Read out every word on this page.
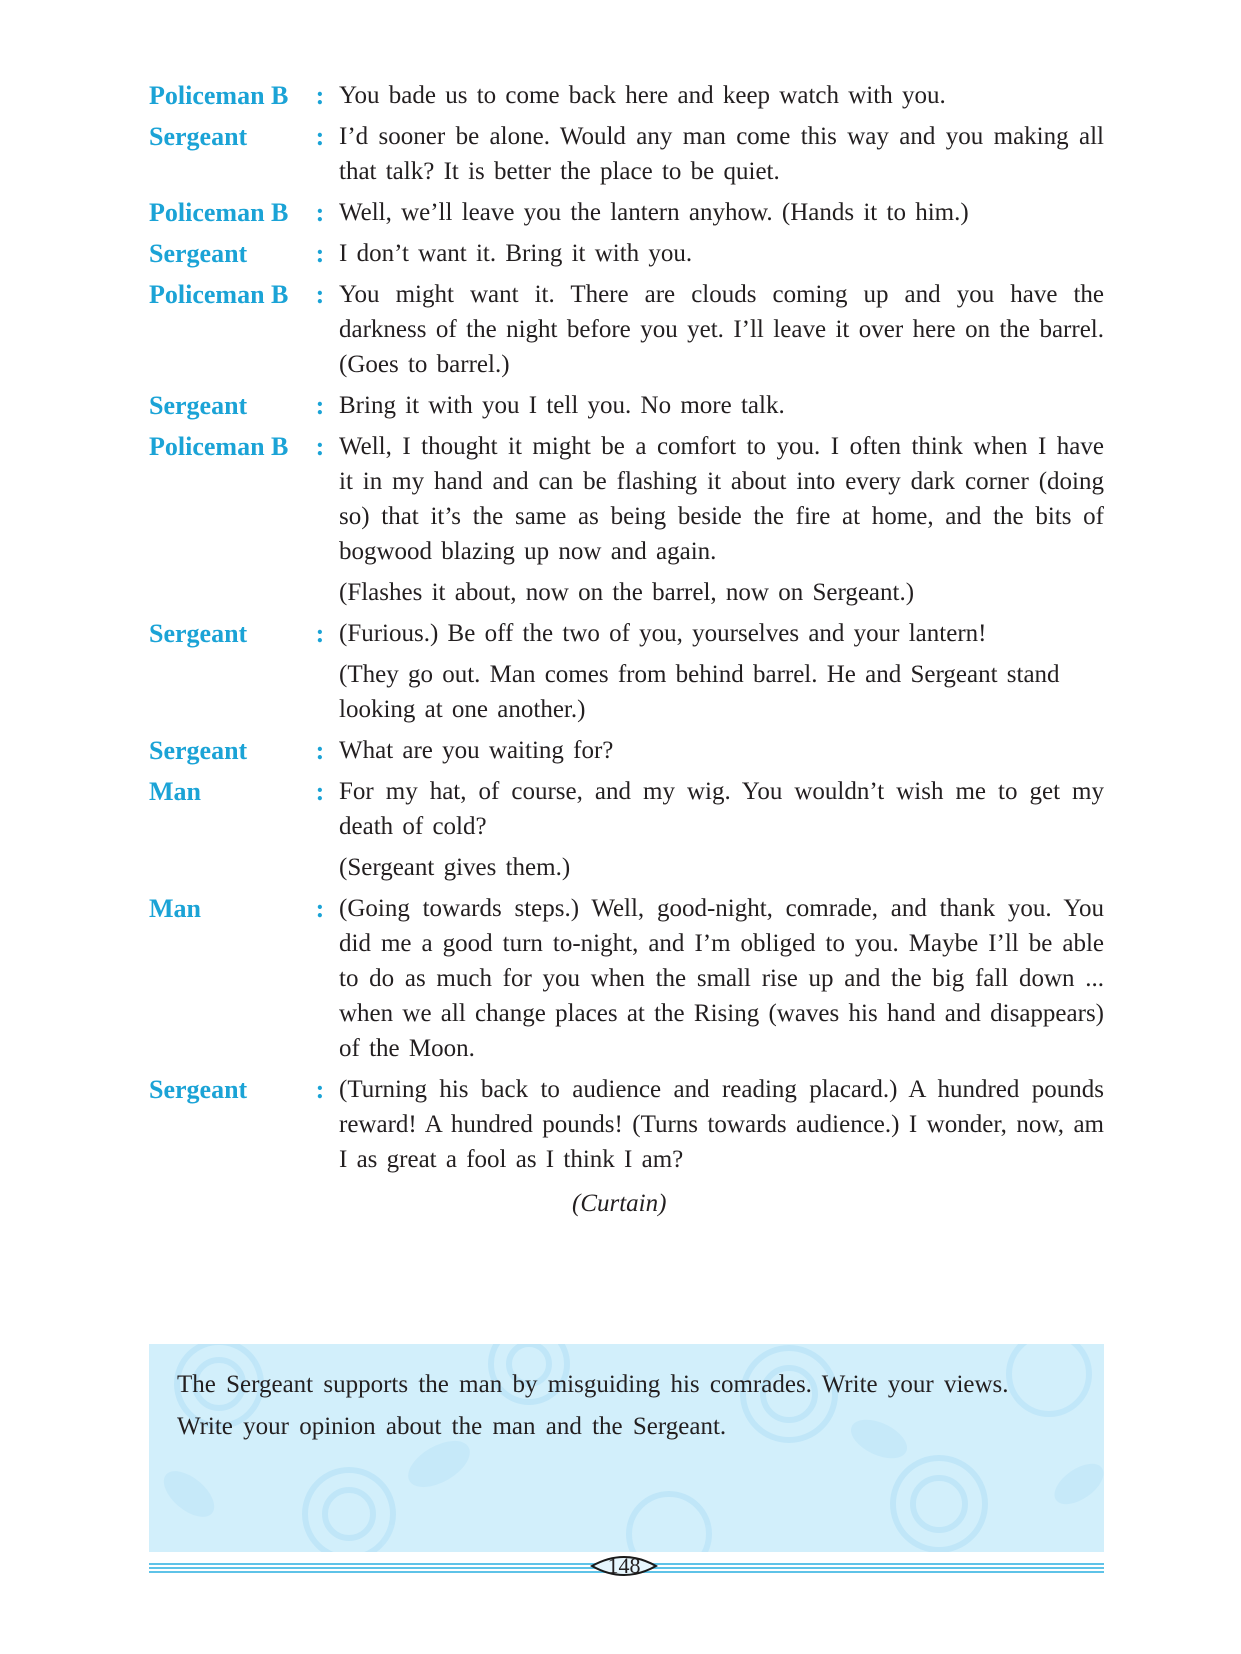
Policeman B	: You bade us to come back here and keep watch with you.
Sergeant	: I’d sooner be alone. Would any man come this way and you making all that talk? It is better the place to be quiet.
Policeman B	: Well, we’ll leave you the lantern anyhow. (Hands it to him.)
Sergeant	: I don’t want it. Bring it with you.
Policeman B	: You might want it. There are clouds coming up and you have the darkness of the night before you yet. I’ll leave it over here on the barrel. (Goes to barrel.)
Sergeant	: Bring it with you I tell you. No more talk.
Policeman B	: Well, I thought it might be a comfort to you. I often think when I have it in my hand and can be flashing it about into every dark corner (doing so) that it’s the same as being beside the fire at home, and the bits of bogwood blazing up now and again.
(Flashes it about, now on the barrel, now on Sergeant.)
Sergeant	: (Furious.) Be off the two of you, yourselves and your lantern!
(They go out. Man comes from behind barrel. He and Sergeant stand looking at one another.)
Sergeant	: What are you waiting for?
Man	: For my hat, of course, and my wig. You wouldn’t wish me to get my death of cold?
(Sergeant gives them.)
Man	: (Going towards steps.) Well, good-night, comrade, and thank you. You did me a good turn to-night, and I’m obliged to you. Maybe I’ll be able to do as much for you when the small rise up and the big fall down ... when we all change places at the Rising (waves his hand and disappears) of the Moon.
Sergeant	: (Turning his back to audience and reading placard.) A hundred pounds reward! A hundred pounds! (Turns towards audience.) I wonder, now, am I as great a fool as I think I am?
(Curtain)

The Sergeant supports the man by misguiding his comrades. Write your views.

Write your opinion about the man and the Sergeant.

148
